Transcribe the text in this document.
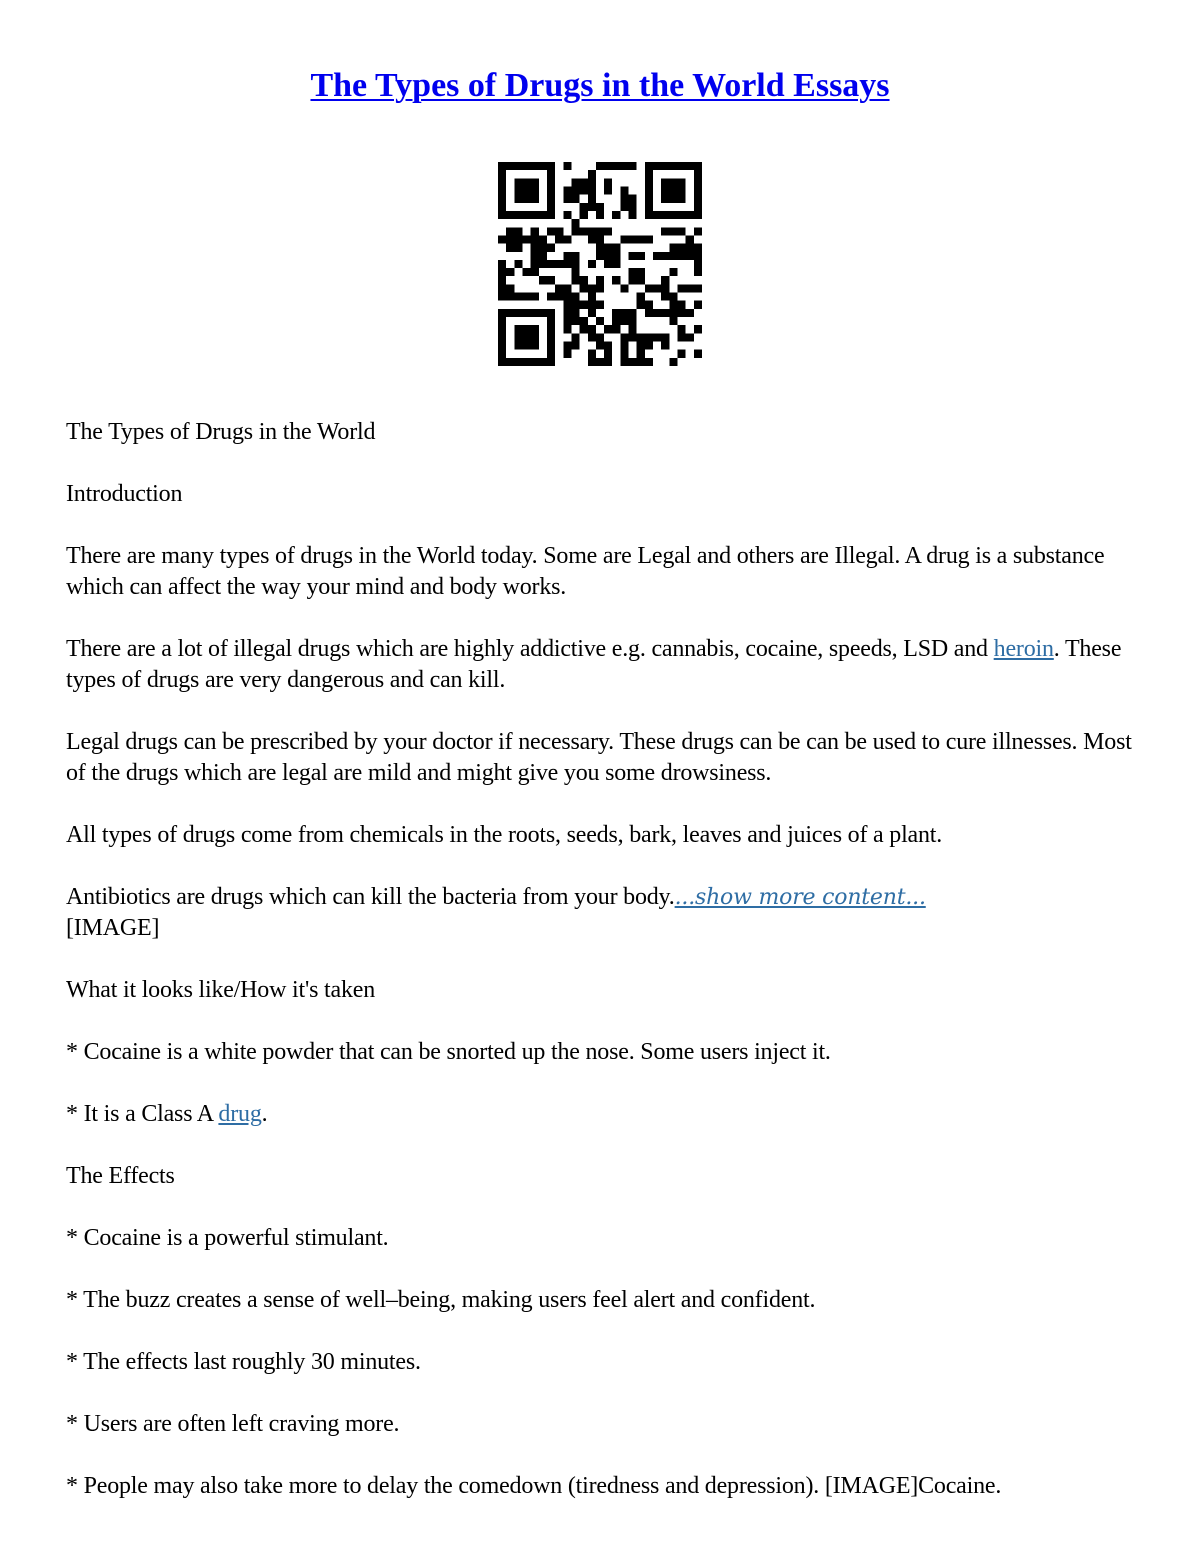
The Types of Drugs in the World Essays

The Types of Drugs in the World

Introduction

There are many types of drugs in the World today. Some are Legal and others are Illegal. A drug is a substance which can affect the way your mind and body works.

There are a lot of illegal drugs which are highly addictive e.g. cannabis, cocaine, speeds, LSD and heroin. These types of drugs are very dangerous and can kill.

Legal drugs can be prescribed by your doctor if necessary. These drugs can be can be used to cure illnesses. Most of the drugs which are legal are mild and might give you some drowsiness.

All types of drugs come from chemicals in the roots, seeds, bark, leaves and juices of a plant.

Antibiotics are drugs which can kill the bacteria from your body....show more content...
[IMAGE]

What it looks like/How it's taken

* Cocaine is a white powder that can be snorted up the nose. Some users inject it.

* It is a Class A drug.

The Effects

* Cocaine is a powerful stimulant.

* The buzz creates a sense of well–being, making users feel alert and confident.

* The effects last roughly 30 minutes.

* Users are often left craving more.

* People may also take more to delay the comedown (tiredness and depression). [IMAGE]Cocaine.
